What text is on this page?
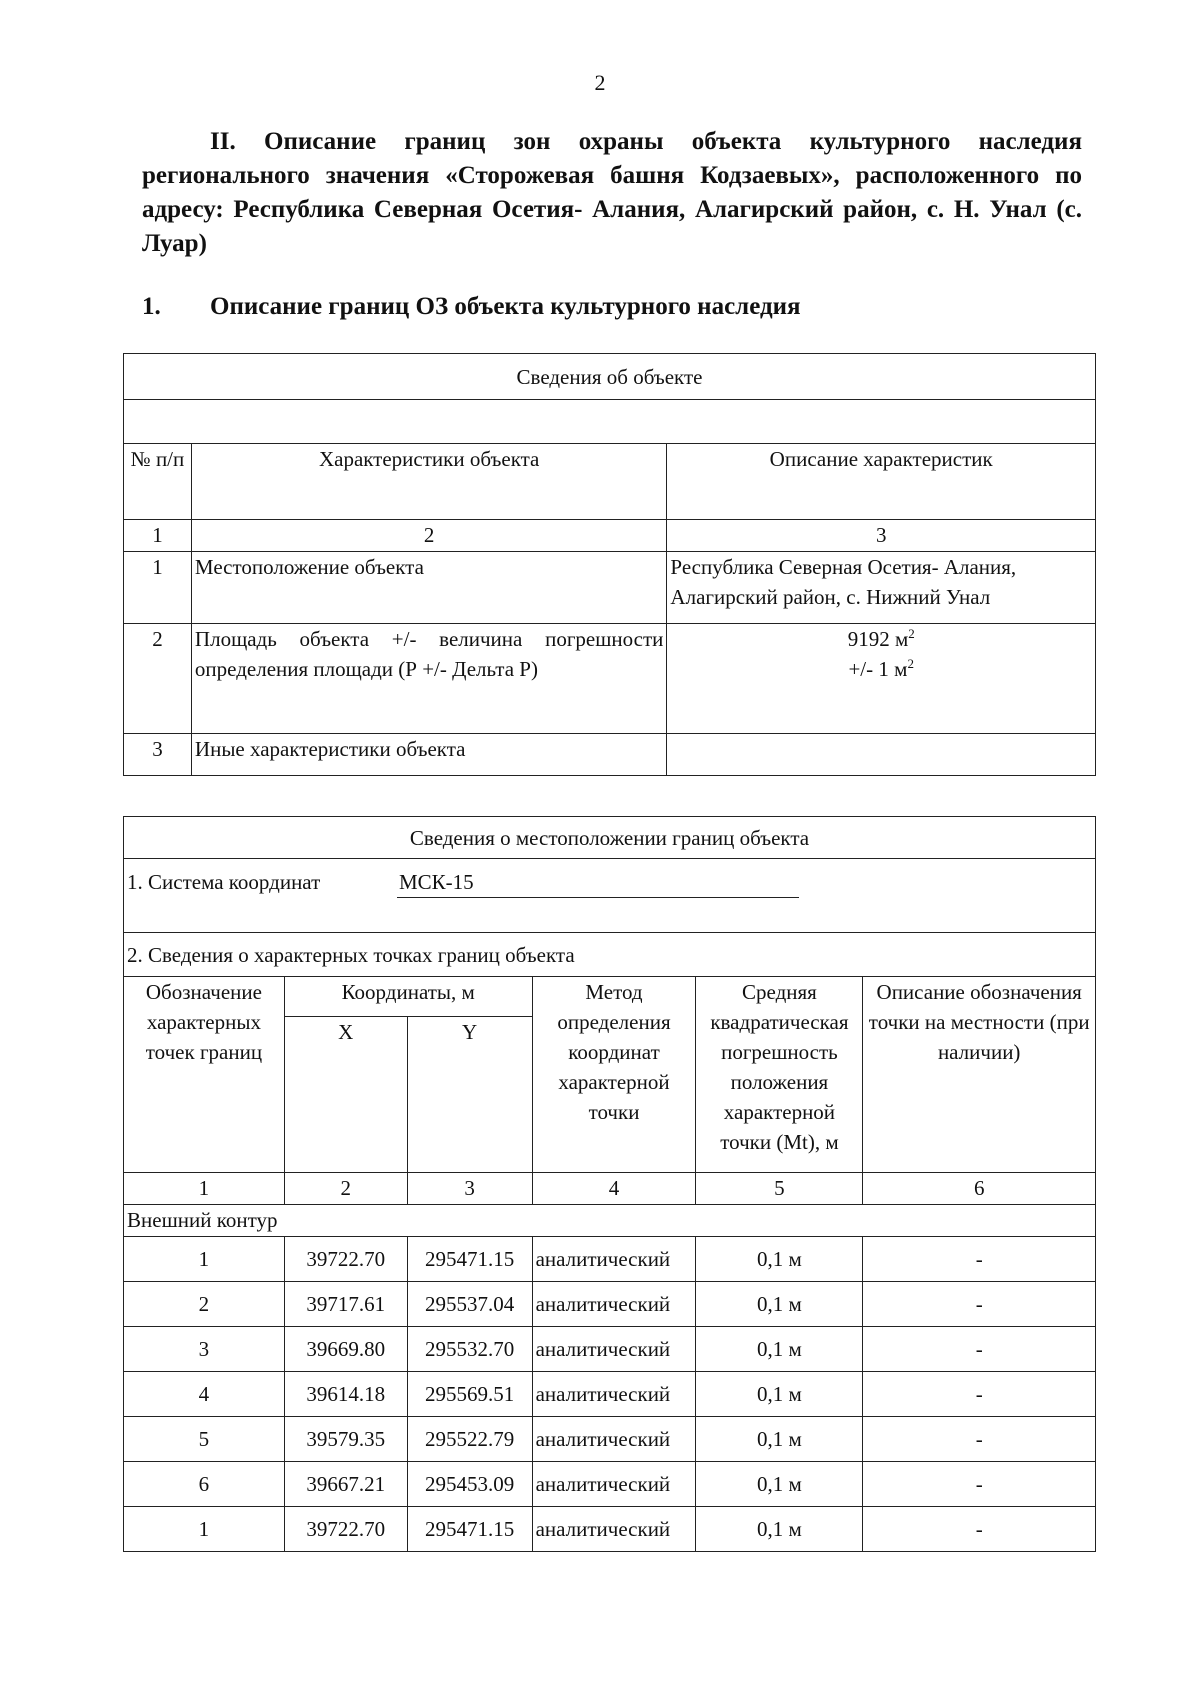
2
II. Описание границ зон охраны объекта культурного наследия регионального значения «Сторожевая башня Кодзаевых», расположенного по адресу: Республика Северная Осетия- Алания, Алагирский район, с. Н. Унал (с. Луар)
1. Описание границ ОЗ объекта культурного наследия
Сведения об объекте		

№ п/п	Характеристики объекта	Описание характеристик
1	2	3
1	Местоположение объекта	Республика Северная Осетия- Алания, Алагирский район, с. Нижний Унал
2	Площадь объекта +/- величина погрешности определения площади (Р +/- Дельта Р)	9192 $м^2$
+/- 1 $м^2$

3	Иные характеристики объекта	
Сведения о местоположении границ объекта					
1. Система координат МСК-15					
2. Сведения о характерных точках границ объекта					
Обозначение характерных точек границ	Координаты, м		Метод определения координат характерной точки	Средняя квадратическая погрешность положения характерной точки (Mt), м	Описание обозначения точки на местности (при наличии)
	X	Y			
1	2	3	4	5	6
Внешний контур					
1	39722.70	295471.15	аналитический	0,1 м	-
2	39717.61	295537.04	аналитический	0,1 м	-
3	39669.80	295532.70	аналитический	0,1 м	-
4	39614.18	295569.51	аналитический	0,1 м	-
5	39579.35	295522.79	аналитический	0,1 м	-
6	39667.21	295453.09	аналитический	0,1 м	-
1	39722.70	295471.15	аналитический	0,1 м	-
